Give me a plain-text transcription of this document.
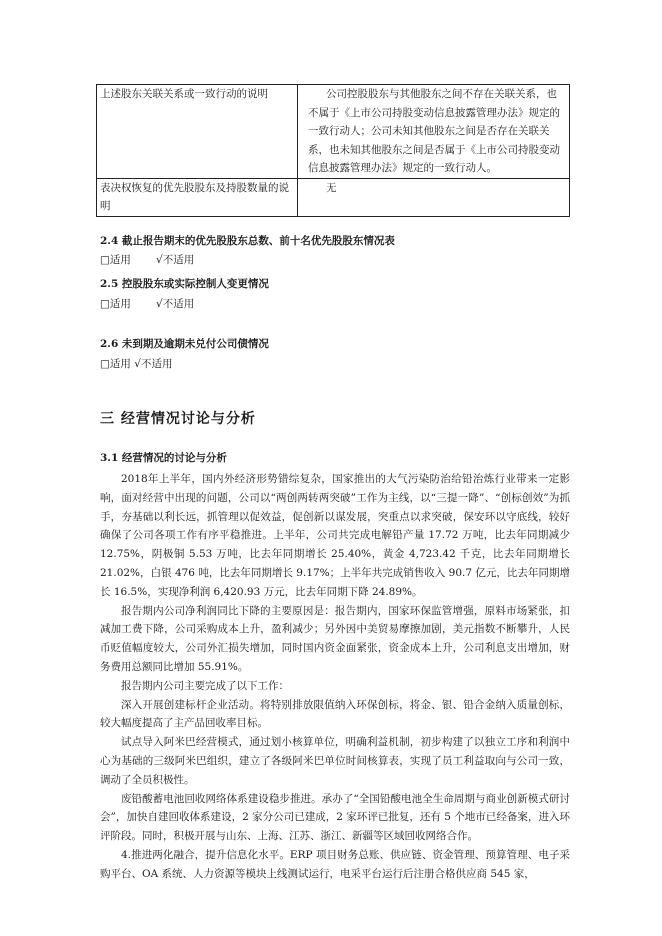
上述股东关联关系或一致行动的说明	公司控股股东与其他股东之间不存在关联关系，也不属于《上市公司持股变动信息披露管理办法》规定的一致行动人；公司未知其他股东之间是否存在关联关系，也未知其他股东之间是否属于《上市公司持股变动信息披露管理办法》规定的一致行动人。
表决权恢复的优先股股东及持股数量的说明	无
2.4 截止报告期末的优先股股东总数、前十名优先股股东情况表
□适用 √不适用
2.5 控股股东或实际控制人变更情况
□适用 √不适用
2.6 未到期及逾期未兑付公司债情况
□适用 √不适用
三 经营情况讨论与分析
3.1 经营情况的讨论与分析

2018年上半年，国内外经济形势错综复杂，国家推出的大气污染防治给铅治炼行业带来一定影响，面对经营中出现的问题，公司以“两创两转两突破”工作为主线，以“三提一降”、“创标创效”为抓手，夯基础以利长远，抓管理以促效益，促创新以谋发展，突重点以求突破，保安环以守底线，较好确保了公司各项工作有序平稳推进。上半年，公司共完成电解铅产量 17.72 万吨，比去年同期减少 12.75%，阴极铜 5.53 万吨，比去年同期增长 25.40%，黄金 4,723.42 千克，比去年同期增长 21.02%，白银 476 吨，比去年同期增长 9.17%；上半年共完成销售收入 90.7 亿元，比去年同期增长 16.5%，实现净利润 6,420.93 万元，比去年同期下降 24.89%。

报告期内公司净利润同比下降的主要原因是：报告期内，国家环保监管增强，原料市场紧张，扣减加工费下降，公司采购成本上升，盈利减少；另外因中美贸易摩擦加剧，美元指数不断攀升，人民币贬值幅度较大，公司外汇损失增加，同时国内资金面紧张，资金成本上升，公司利息支出增加，财务费用总额同比增加 55.91%。

报告期内公司主要完成了以下工作：

深入开展创建标杆企业活动。将特别排放限值纳入环保创标，将金、银、铅合金纳入质量创标，较大幅度提高了主产品回收率目标。

试点导入阿米巴经营模式，通过划小核算单位，明确利益机制，初步构建了以独立工序和利润中心为基础的三级阿米巴组织，建立了各级阿米巴单位时间核算表，实现了员工利益取向与公司一致，调动了全员积极性。

废铅酸蓄电池回收网络体系建设稳步推进。承办了“全国铅酸电池全生命周期与商业创新模式研讨会”，加快自建回收体系建设，2 家分公司已建成，2 家环评已批复，还有 5 个地市已经备案，进入环评阶段。同时，积极开展与山东、上海、江苏、浙江、新疆等区域回收网络合作。

4.推进两化融合，提升信息化水平。ERP 项目财务总账、供应链、资金管理、预算管理、电子采购平台、OA 系统、人力资源等模块上线测试运行，电采平台运行后注册合格供应商 545 家，
